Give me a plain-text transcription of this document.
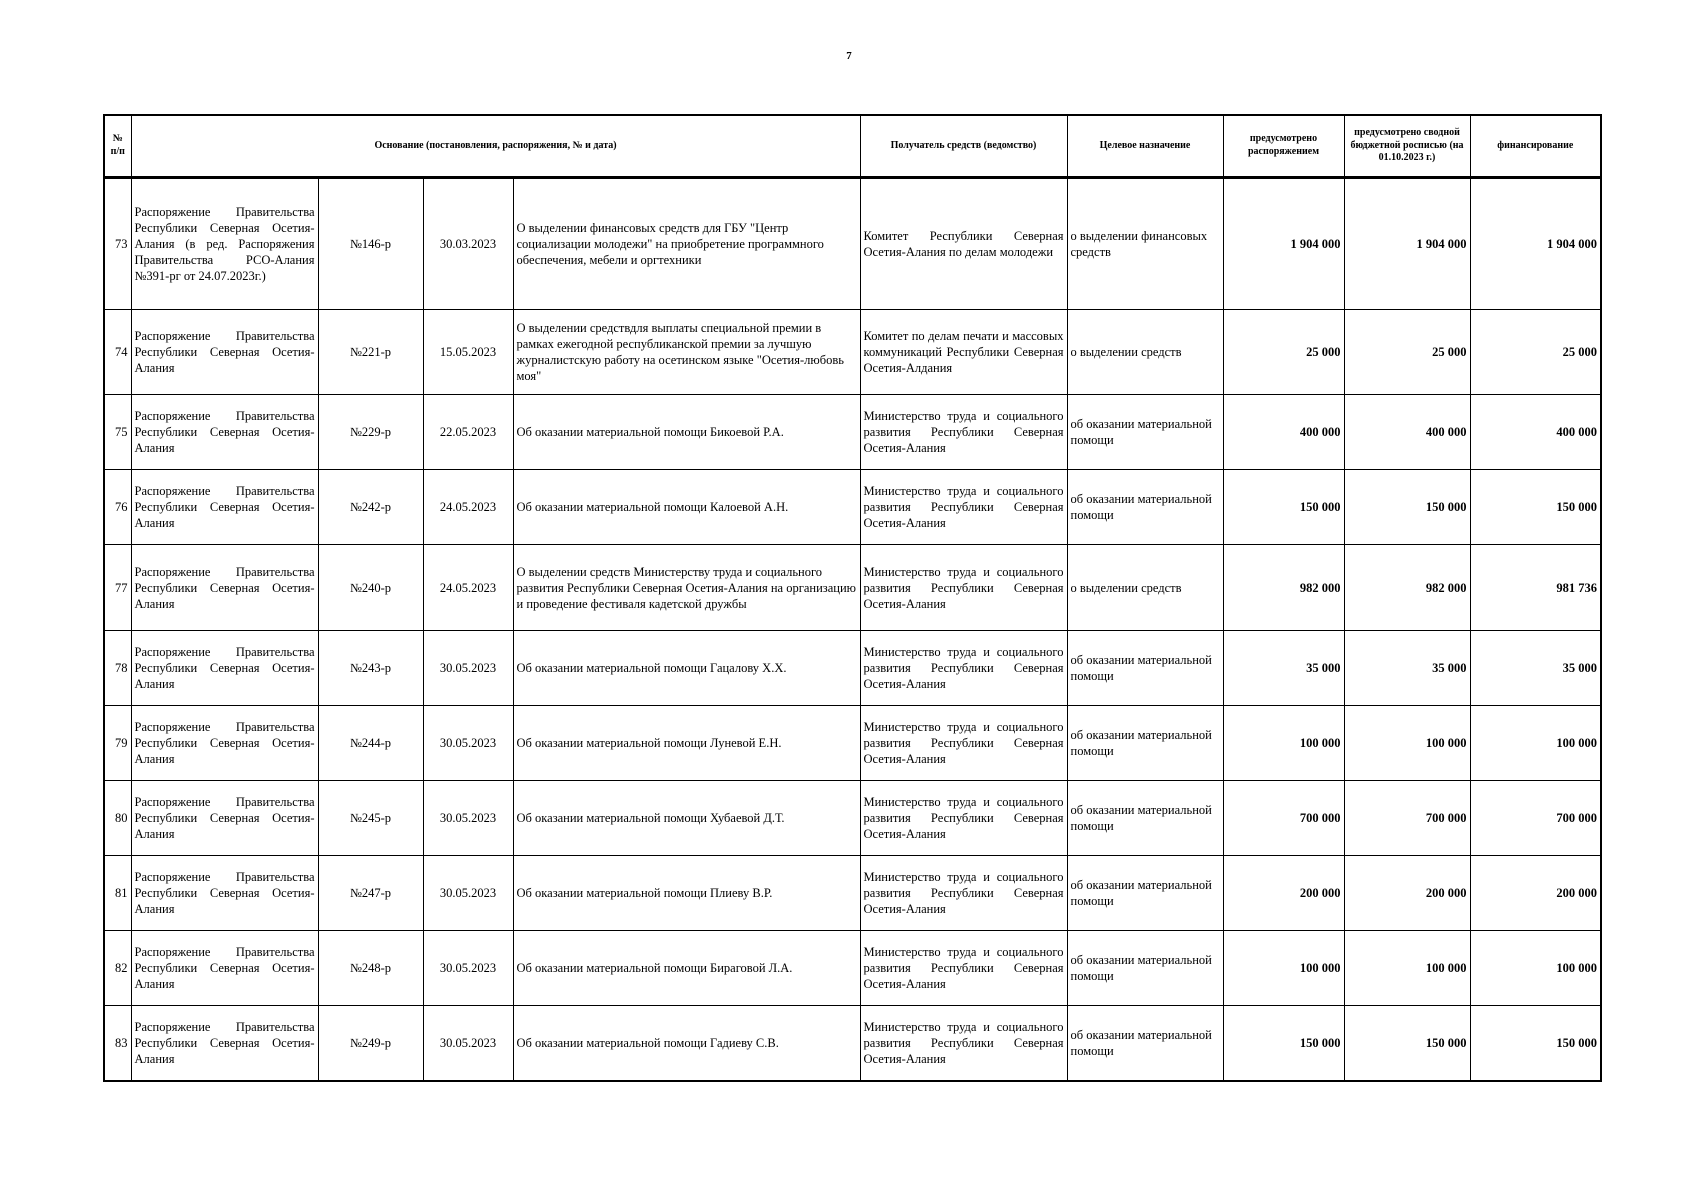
7
№ п/п	Основание (постановления, распоряжения, № и дата)				Получатель средств (ведомство)	Целевое назначение	предусмотрено распоряжением	предусмотрено сводной бюджетной росписью (на 01.10.2023 г.)	финансирование
73	Распоряжение Правительства Республики Северная Осетия-Алания (в ред. Распоряжения Правительства РСО-Алания №391-рг от 24.07.2023г.)	№146-р	30.03.2023	О выделении финансовых средств для ГБУ "Центр социализации молодежи" на приобретение программного обеспечения, мебели и оргтехники	Комитет Республики Северная Осетия-Алания по делам молодежи	о выделении финансовых средств	1 904 000	1 904 000	1 904 000
74	Распоряжение Правительства Республики Северная Осетия-Алания	№221-р	15.05.2023	О выделении средствдля выплаты специальной премии в рамках ежегодной республиканской премии за лучшую журналистскую работу на осетинском языке "Осетия-любовь моя"	Комитет по делам печати и массовых коммуникаций Республики Северная Осетия-Алдания	о выделении средств	25 000	25 000	25 000
75	Распоряжение Правительства Республики Северная Осетия-Алания	№229-р	22.05.2023	Об оказании материальной помощи Бикоевой Р.А.	Министерство труда и социального развития Республики Северная Осетия-Алания	об оказании материальной помощи	400 000	400 000	400 000
76	Распоряжение Правительства Республики Северная Осетия-Алания	№242-р	24.05.2023	Об оказании материальной помощи Калоевой А.Н.	Министерство труда и социального развития Республики Северная Осетия-Алания	об оказании материальной помощи	150 000	150 000	150 000
77	Распоряжение Правительства Республики Северная Осетия-Алания	№240-р	24.05.2023	О выделении средств Министерству труда и социального развития Республики Северная Осетия-Алания на организацию и проведение фестиваля кадетской дружбы	Министерство труда и социального развития Республики Северная Осетия-Алания	о выделении средств	982 000	982 000	981 736
78	Распоряжение Правительства Республики Северная Осетия-Алания	№243-р	30.05.2023	Об оказании материальной помощи Гацалову Х.Х.	Министерство труда и социального развития Республики Северная Осетия-Алания	об оказании материальной помощи	35 000	35 000	35 000
79	Распоряжение Правительства Республики Северная Осетия-Алания	№244-р	30.05.2023	Об оказании материальной помощи Луневой Е.Н.	Министерство труда и социального развития Республики Северная Осетия-Алания	об оказании материальной помощи	100 000	100 000	100 000
80	Распоряжение Правительства Республики Северная Осетия-Алания	№245-р	30.05.2023	Об оказании материальной помощи Хубаевой Д.Т.	Министерство труда и социального развития Республики Северная Осетия-Алания	об оказании материальной помощи	700 000	700 000	700 000
81	Распоряжение Правительства Республики Северная Осетия-Алания	№247-р	30.05.2023	Об оказании материальной помощи Плиеву В.Р.	Министерство труда и социального развития Республики Северная Осетия-Алания	об оказании материальной помощи	200 000	200 000	200 000
82	Распоряжение Правительства Республики Северная Осетия-Алания	№248-р	30.05.2023	Об оказании материальной помощи Бираговой Л.А.	Министерство труда и социального развития Республики Северная Осетия-Алания	об оказании материальной помощи	100 000	100 000	100 000
83	Распоряжение Правительства Республики Северная Осетия-Алания	№249-р	30.05.2023	Об оказании материальной помощи Гадиеву С.В.	Министерство труда и социального развития Республики Северная Осетия-Алания	об оказании материальной помощи	150 000	150 000	150 000
